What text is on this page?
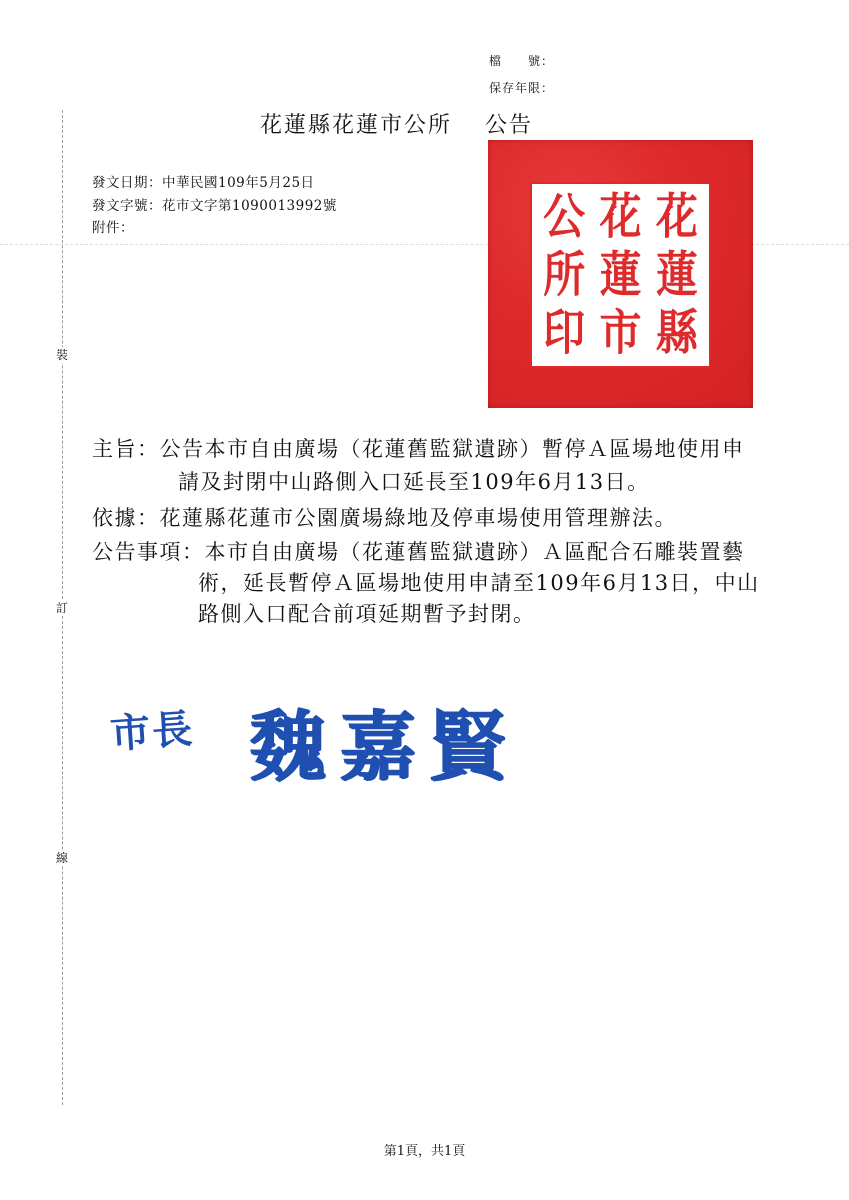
檔　　號：
保存年限：
裝
訂
線
花蓮縣花蓮市公所　 公告
發文日期：中華民國109年5月25日
發文字號：花市文字第1090013992號
附件：	花
蓮
縣
花
蓮
市
公
所
印
主旨：公告本市自由廣場（花蓮舊監獄遺跡）暫停Ａ區場地使用申
請及封閉中山路側入口延長至109年6月13日。
依據：花蓮縣花蓮市公園廣場綠地及停車場使用管理辦法。
公告事項：本市自由廣場（花蓮舊監獄遺跡）Ａ區配合石雕裝置藝
術，延長暫停Ａ區場地使用申請至109年6月13日，中山
路側入口配合前項延期暫予封閉。
市長 魏嘉賢
第1頁，共1頁
